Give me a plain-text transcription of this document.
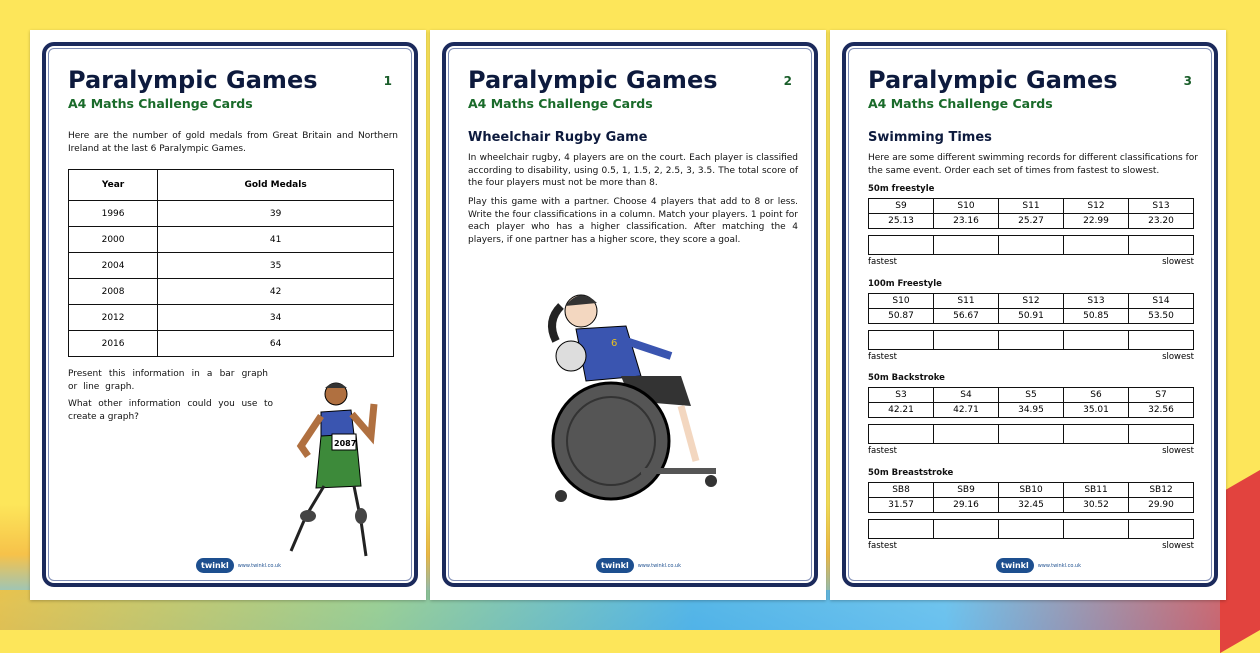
Paralympic Games	1
A4 Maths Challenge Cards
Here are the number of gold medals from Great Britain and Northern Ireland at the last 6 Paralympic Games.
Year	Gold Medals
1996	39
2000	41
2004	35
2008	42
2012	34
2016	64
Present this information in a bar graph or line graph.
What other information could you use to create a graph?
2087
twinkl	www.twinkl.co.uk
Paralympic Games	2
A4 Maths Challenge Cards
Wheelchair Rugby Game
In wheelchair rugby, 4 players are on the court. Each player is classified according to disability, using 0.5, 1, 1.5, 2, 2.5, 3, 3.5. The total score of the four players must not be more than 8.
Play this game with a partner. Choose 4 players that add to 8 or less. Write the four classifications in a column. Match your players. 1 point for each player who has a higher classification. After matching the 4 players, if one partner has a higher score, they score a goal.
6
twinkl	www.twinkl.co.uk
Paralympic Games	3
A4 Maths Challenge Cards
Swimming Times
Here are some different swimming records for different classifications for the same event. Order each set of times from fastest to slowest.
50m freestyle
S9	S10	S11	S12	S13
25.13	23.16	25.27	22.99	23.20

fastest	slowest
100m Freestyle
S10	S11	S12	S13	S14
50.87	56.67	50.91	50.85	53.50

fastest	slowest
50m Backstroke
S3	S4	S5	S6	S7
42.21	42.71	34.95	35.01	32.56

fastest	slowest
50m Breaststroke
SB8	SB9	SB10	SB11	SB12
31.57	29.16	32.45	30.52	29.90

fastest	slowest
twinkl	www.twinkl.co.uk
